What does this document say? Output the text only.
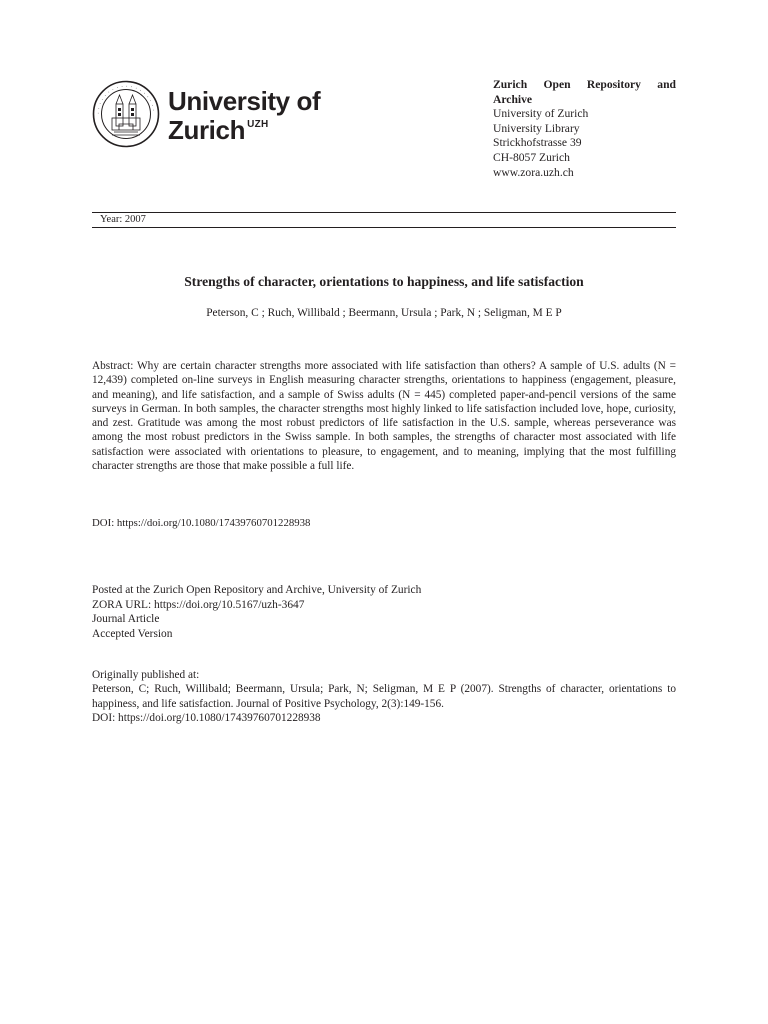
· · · · · · · · · · · · · · · · · · University of
Zurich $^{UZH}$
Zurich Open Repository and Archive
University of Zurich
University Library
Strickhofstrasse 39
CH-8057 Zurich
www.zora.uzh.ch
Year: 2007
Strengths of character, orientations to happiness, and life satisfaction
Peterson, C ; Ruch, Willibald ; Beermann, Ursula ; Park, N ; Seligman, M E P
Abstract: Why are certain character strengths more associated with life satisfaction than others? A sample of U.S. adults (N = 12,439) completed on-line surveys in English measuring character strengths, orientations to happiness (engagement, pleasure, and meaning), and life satisfaction, and a sample of Swiss adults (N = 445) completed paper-and-pencil versions of the same surveys in German. In both samples, the character strengths most highly linked to life satisfaction included love, hope, curiosity, and zest. Gratitude was among the most robust predictors of life satisfaction in the U.S. sample, whereas perseverance was among the most robust predictors in the Swiss sample. In both samples, the strengths of character most associated with life satisfaction were associated with orientations to pleasure, to engagement, and to meaning, implying that the most fulfilling character strengths are those that make possible a full life.
DOI: https://doi.org/10.1080/17439760701228938
Posted at the Zurich Open Repository and Archive, University of Zurich
ZORA URL: https://doi.org/10.5167/uzh-3647
Journal Article
Accepted Version
Originally published at:
Peterson, C; Ruch, Willibald; Beermann, Ursula; Park, N; Seligman, M E P (2007). Strengths of character, orientations to happiness, and life satisfaction. Journal of Positive Psychology, 2(3):149-156.
DOI: https://doi.org/10.1080/17439760701228938
